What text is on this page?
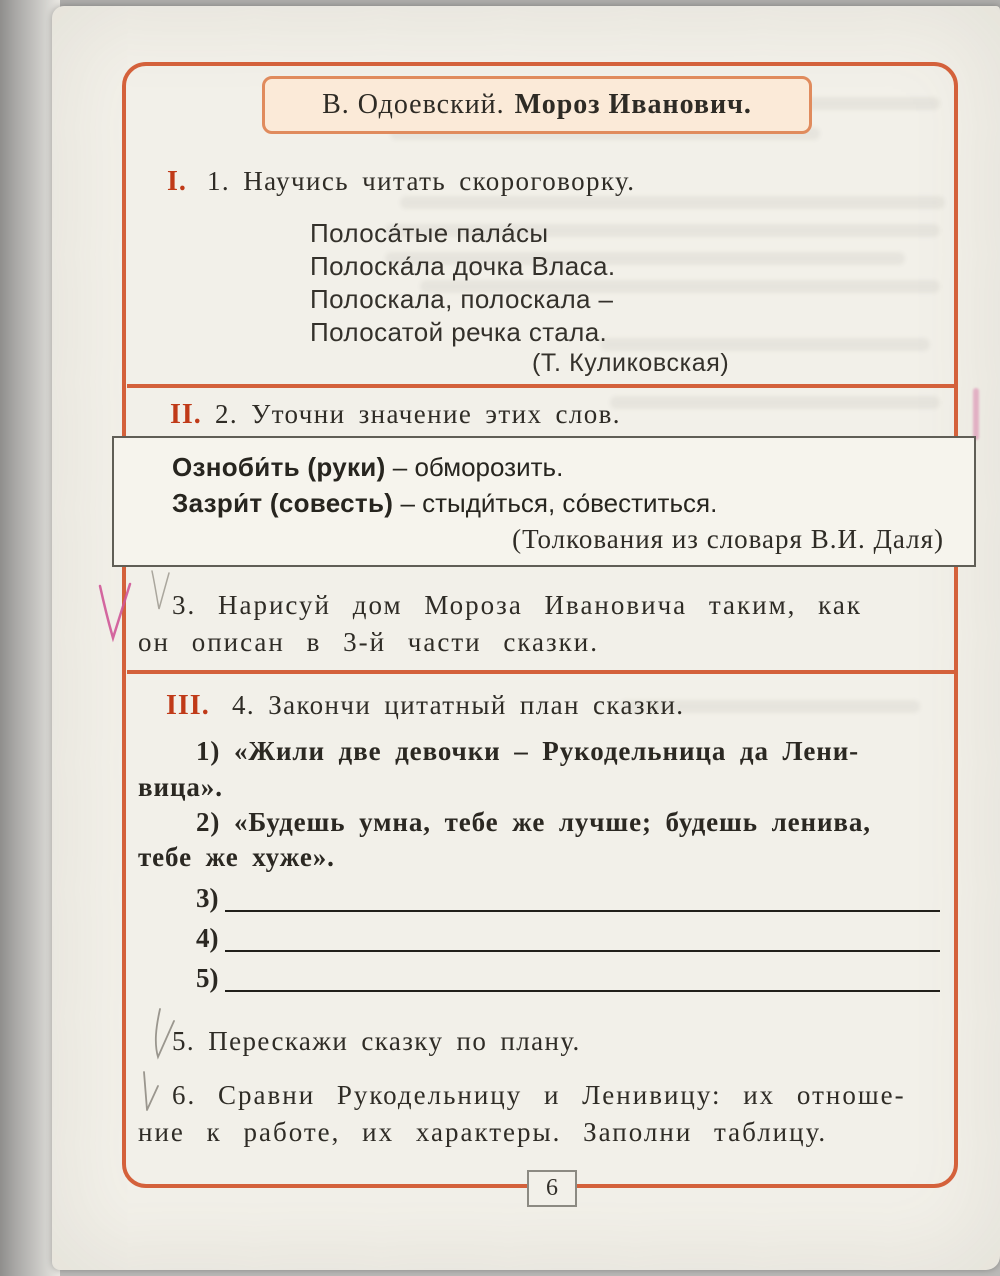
В. Одоевский. Мороз Иванович.
I. 1. Научись читать скороговорку.
Полоса́тые пала́сы
Полоска́ла дочка Власа.
Полоскала, полоскала –
Полосатой речка стала.
(Т. Куликовская)
II. 2. Уточни значение этих слов.
Озноби́ть (руки) – обморозить.
Зазри́т (совесть) – стыди́ться, со́веститься.
(Толкования из словаря В.И. Даля)
3. Нарисуй дом Мороза Ивановича таким, как
он описан в 3-й части сказки.
III. 4. Закончи цитатный план сказки.
1) «Жили две девочки – Рукодельница да Лени-
вица».
2) «Будешь умна, тебе же лучше; будешь ленива,
тебе же хуже».
3)
4)
5)
5. Перескажи сказку по плану.
6. Сравни Рукодельницу и Ленивицу: их отноше-
ние к работе, их характеры. Заполни таблицу.
6
